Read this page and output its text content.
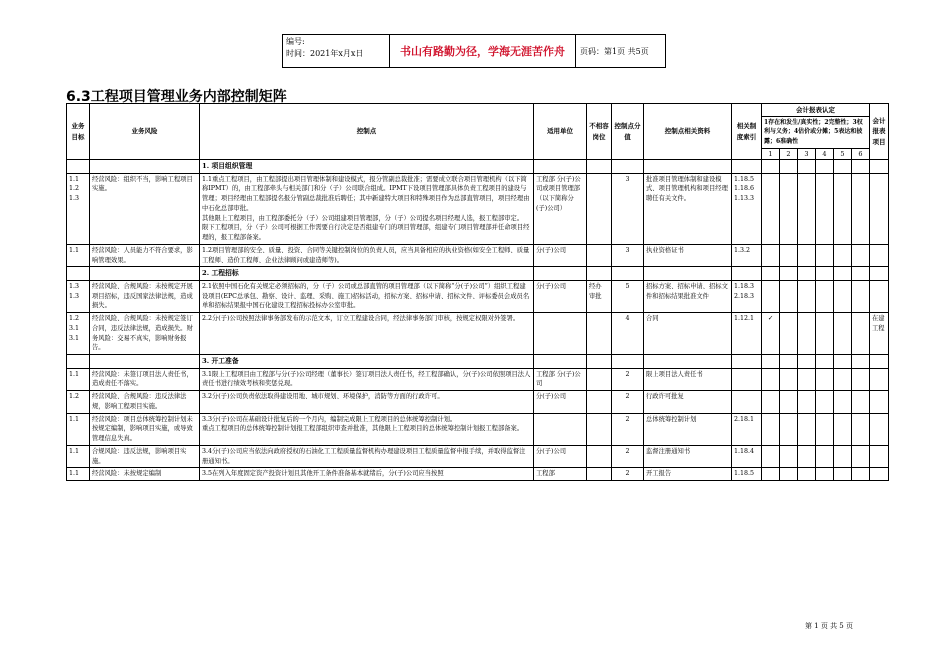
编号:
时间：2021年x月x日	书山有路勤为径，学海无涯苦作舟	页码：第1页 共5页
6.3工程项目管理业务内部控制矩阵
业务目标	业务风险	控制点	适用单位	不相容岗位	控制点分值	控制点相关资料	相关制度索引	会计报表认定
1存在和发生/真实性；2完整性；3权利与义务；4估价或分摊；5表达和披露；6准确性						会计报表项目
								1	2	3	4	5	6	
		1. 项目组织管理												
1.1 1.2 1.3	经营风险：组织不当，影响工程项目实施。	1.1重点工程项目，由工程部提出项目管理体制和建设模式，报分管副总裁批准；需要成立联合项目管理机构（以下简称IPMT）的，由工程部牵头与相关部门和分（子）公司联合组成。IPMT下设项目管理部具体负责工程项目的建设与管理；项目经理由工程部提名报分管副总裁批准后聘任；其中新建特大项目和特殊项目作为总部直管项目，项目经理由中石化总部审批。
其他限上工程项目，由工程部委托分（子）公司组建项目管理部，分（子）公司提名项目经理人选，报工程部审定。
限下工程项目，分（子）公司可根据工作需要自行决定是否组建专门的项目管理部，组建专门项目管理部并任命项目经理的，报工程部备案。	工程部 分(子)公司或项目管理部（以下简称分(子)公司）		3	批准项目管理体制和建设模式、项目管理机构和项目经理聘任有关文件。	1.18.5 1.18.6 1.13.3							
1.1	经营风险：人员能力不符合要求，影响管理效果。	1.2项目管理部的安全、质量、投资、合同等关键控制岗位的负责人员，应当具备相应的执业资格(如安全工程师、质量工程师、造价工程师、企业法律顾问或建造师等)。	分(子)公司		3	执业资格证书	1.3.2							
		2. 工程招标												
1.3 1.3	经营风险、合规风险：未按规定开展项目招标，违反国家法律法规，造成损失。	2.1依照中国石化有关规定必须招标的，分（子）公司或总部直管的项目管理部（以下简称“分(子)公司”）组织工程建设项目(EPC总承包、勘察、设计、监理、采购、施工)招标活动，招标方案、招标申请、招标文件、评标委员会成员名单和招标结果报中国石化建设工程招标投标办公室审批。	分(子)公司	经办 审批	5	招标方案、招标申请、招标文件和招标结果批准文件	1.18.3 2.18.3							
1.2 3.1 3.1	经营风险、合规风险：未按规定签订合同，违反法律法规，造成损失。财务风险：交易不真实，影响财务报告。	2.2分(子)公司按照法律事务部发布的示范文本，订立工程建设合同，经法律事务部门审核，按规定权限对外签署。			4	合同	1.12.1	✓						在建工程
		3. 开工准备												
1.1	经营风险：未签订项目法人责任书，造成责任不落实。	3.1限上工程项目由工程部与分(子)公司经理（董事长）签订项目法人责任书，经工程部确认，分(子)公司依照项目法人责任书进行绩效考核和奖惩兑现。	工程部 分(子)公司		2	限上项目法人责任书								
1.2	经营风险、合规风险：违反法律法规，影响工程项目实施。	3.2分(子)公司负责依法取得建设用地、城市规划、环境保护，消防等方面的行政许可。	分(子)公司		2	行政许可批复								
1.1	经营风险：项目总体统筹控制计划未按规定编制，影响项目实施，或导致管理信息失真。	3.3分(子)公司在基础设计批复后的一个月内，编制完成限上工程项目的总体统筹控制计划。
重点工程项目的总体统筹控制计划报工程部组织审查并批准，其他限上工程项目的总体统筹控制计划报工程部备案。			2	总体统筹控制计划	2.18.1							
1.1	合规风险：违反法规，影响项目实施。	3.4分(子)公司应当依法向政府授权的石油化工工程质量监督机构办理建设项目工程质量监督申报手续，并取得监督注册通知书。	分(子)公司		2	监督注册通知书	1.18.4							
1.1	经营风险：未按规定编制	3.5在列入年度固定资产投资计划且其他开工条件准备基本就绪后，分(子)公司应当按照	工程部		2	开工报告	1.18.5							
第 1 页 共 5 页
